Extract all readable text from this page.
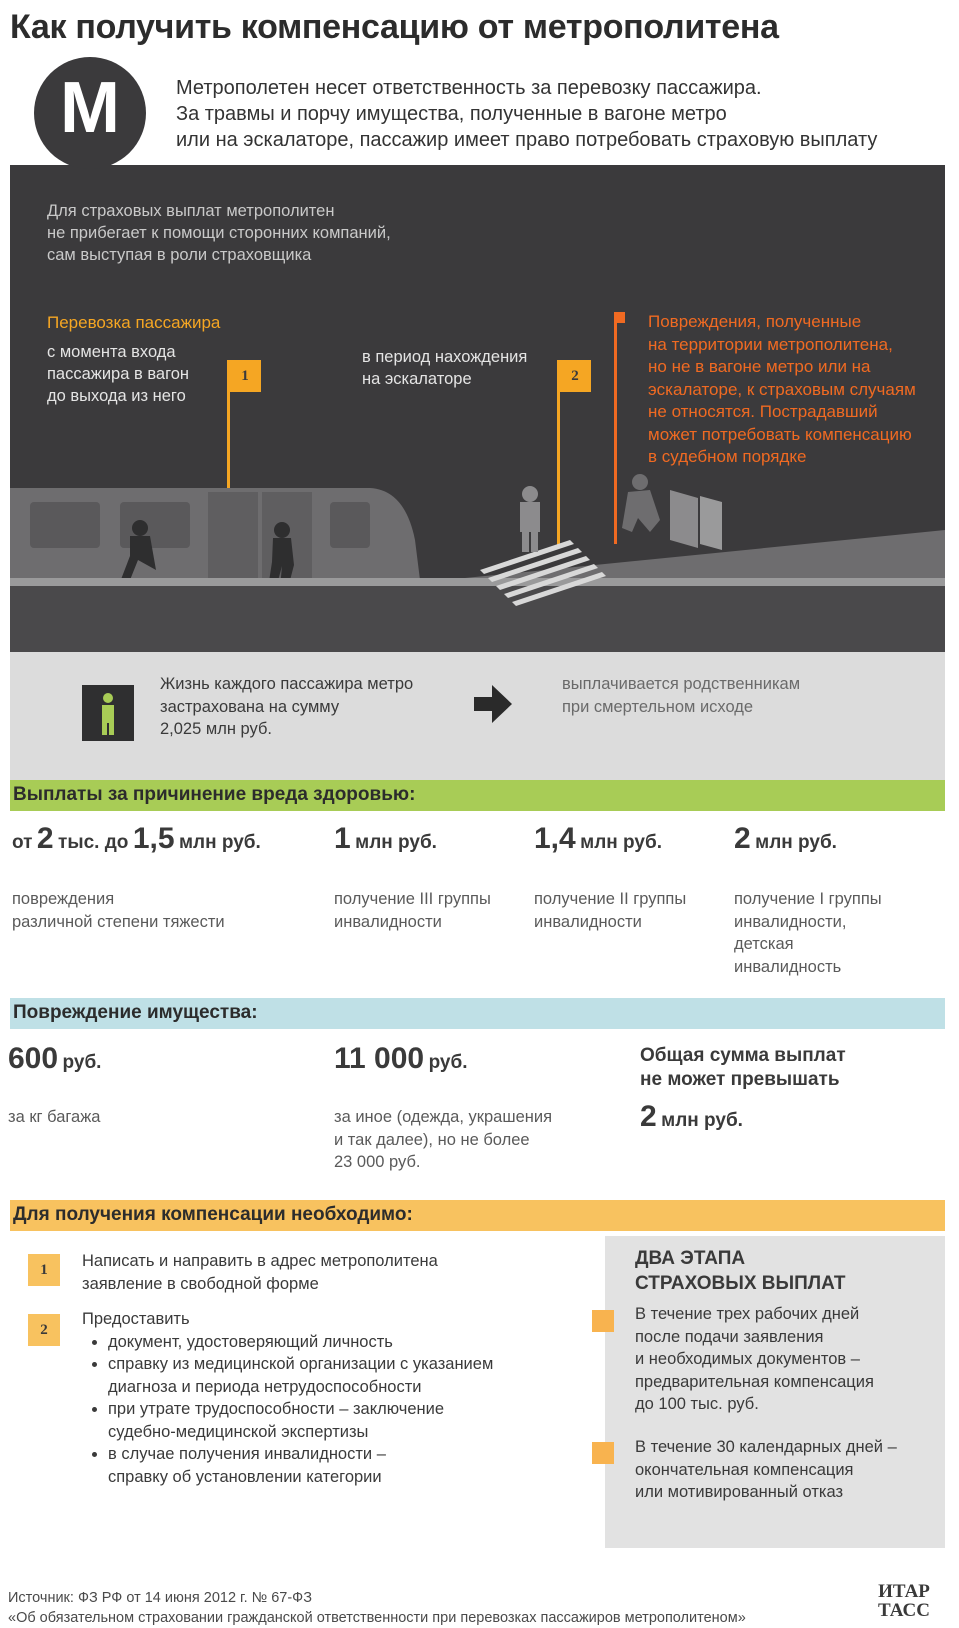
Как получить компенсацию от метрополитена
М	Метрополетен несет ответственность за перевозку пассажира.
За травмы и порчу имущества, полученные в вагоне метро
или на эскалаторе, пассажир имеет право потребовать страховую выплату
Для страховых выплат метрополитен
не прибегает к помощи сторонних компаний,
сам выступая в роли страховщика
Перевозка пассажира
с момента входа
пассажира в вагон
до выхода из него
в период нахождения
на эскалаторе
1	2
Повреждения, полученные
на территории метрополитена,
но не в вагоне метро или на
эскалаторе, к страховым случаям
не относятся. Пострадавший
может потребовать компенсацию
в судебном порядке
Жизнь каждого пассажира метро
застрахована на сумму
2,025 млн руб.
выплачивается родственникам
при смертельном исходе
Выплаты за причинение вреда здоровью:
от 2 тыс. до 1,5 млн руб.
повреждения
различной степени тяжести
1 млн руб.
получение III группы
инвалидности
1,4 млн руб.
получение II группы
инвалидности
2 млн руб.
получение I группы
инвалидности,
детская
инвалидность
Повреждение имущества:
600 руб.
за кг багажа
11 000 руб.
за иное (одежда, украшения
и так далее), но не более
23 000 руб.
Общая сумма выплат
не может превышать
2 млн руб.
Для получения компенсации необходимо:
1	Написать и направить в адрес метрополитена
заявление в свободной форме
2
Предоставить
• документ, удостоверяющий личность
• справку из медицинской организации с указанием
диагноза и периода нетрудоспособности
• при утрате трудоспособности – заключение
судебно-медицинской экспертизы
• в случае получения инвалидности –
справку об установлении категории
ДВА ЭТАПА
СТРАХОВЫХ ВЫПЛАТ
В течение трех рабочих дней
после подачи заявления
и необходимых документов –
предварительная компенсация
до 100 тыс. руб.
В течение 30 календарных дней –
окончательная компенсация
или мотивированный отказ
Источник: ФЗ РФ от 14 июня 2012 г. № 67-ФЗ
«Об обязательном страховании гражданской ответственности при перевозках пассажиров метрополитеном»
ИТАР
ТАСС
